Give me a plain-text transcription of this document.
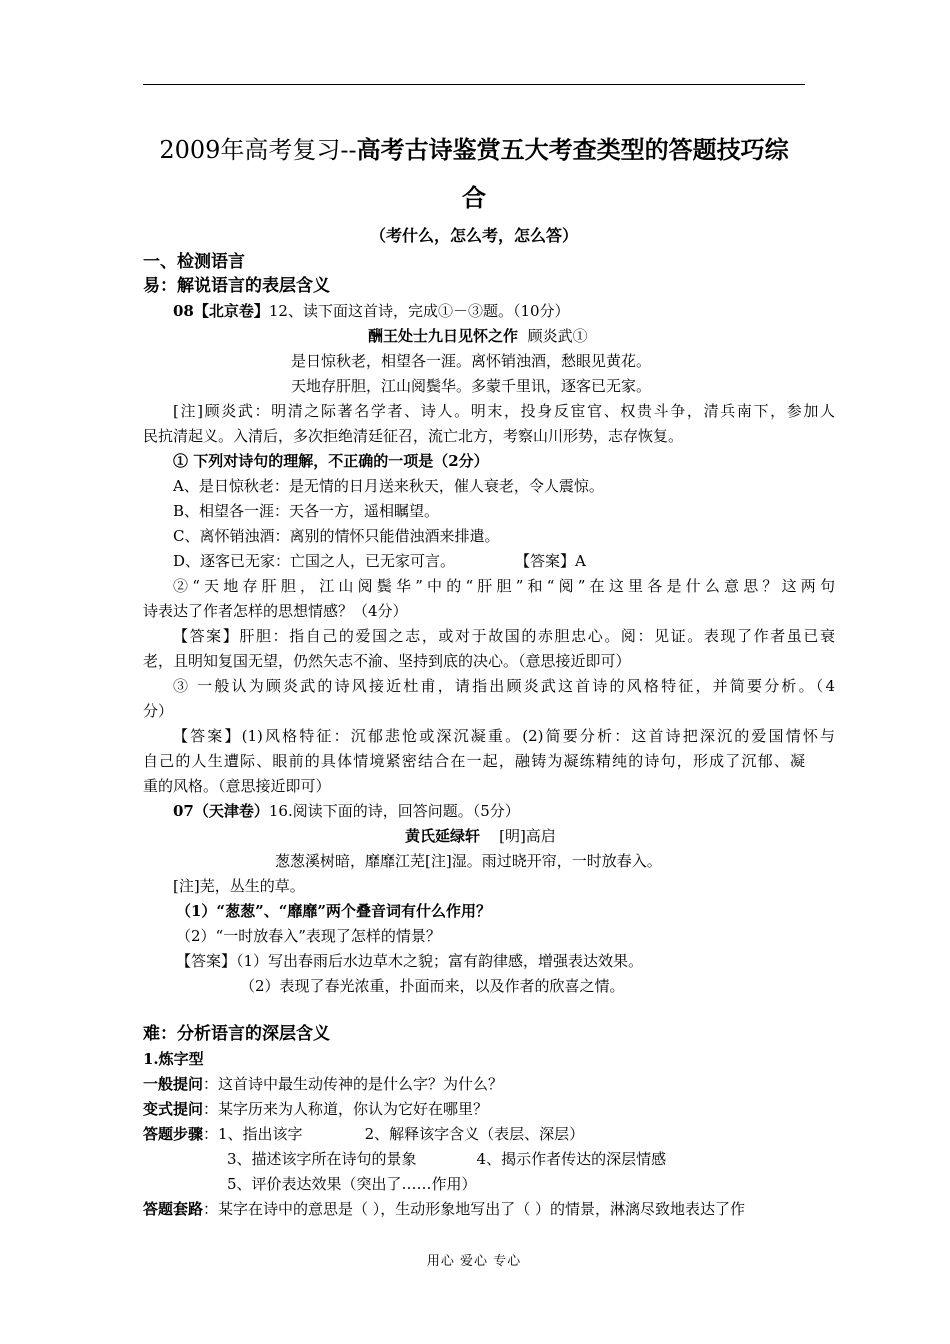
2009年高考复习--高考古诗鉴赏五大考查类型的答题技巧综
合
（考什么，怎么考，怎么答）
一、检测语言
易：解说语言的表层含义
08【北京卷】12、读下面这首诗，完成①－③题。（10分）
酬王处士九日见怀之作 顾炎武①
是日惊秋老，相望各一涯。离怀销浊酒，愁眼见黄花。
天地存肝胆，江山阅鬓华。多蒙千里讯，逐客已无家。
[注]顾炎武：明清之际著名学者、诗人。明末，投身反宦官、权贵斗争，清兵南下，参加人
民抗清起义。入清后，多次拒绝清廷征召，流亡北方，考察山川形势，志存恢复。
① 下列对诗句的理解，不正确的一项是（2分）
A、是日惊秋老：是无情的日月送来秋天，催人衰老，令人震惊。
B、相望各一涯：天各一方，遥相瞩望。
C、离怀销浊酒：离别的情怀只能借浊酒来排遣。
D、逐客已无家：亡国之人，已无家可言。	【答案】A
②“天地存肝胆，江山阅鬓华”中的“肝胆”和“阅”在这里各是什么意思？这两句
诗表达了作者怎样的思想情感？（4分）
【答案】肝胆：指自己的爱国之志，或对于故国的赤胆忠心。阅：见证。表现了作者虽已衰
老，且明知复国无望，仍然矢志不渝、坚持到底的决心。（意思接近即可）
③ 一般认为顾炎武的诗风接近杜甫，请指出顾炎武这首诗的风格特征，并简要分析。（4
分）
【答案】(1)风格特征：沉郁悲怆或深沉凝重。(2)简要分析：这首诗把深沉的爱国情怀与
自己的人生遭际、眼前的具体情境紧密结合在一起，融铸为凝练精纯的诗句，形成了沉郁、凝
重的风格。（意思接近即可）
07（天津卷）16.阅读下面的诗，回答问题。（5分）
黄氏延绿轩 [明]高启
葱葱溪树暗，靡靡江芜[注]湿。雨过晓开帘，一时放春入。
[注]芜，丛生的草。
（1）“葱葱”、“靡靡”两个叠音词有什么作用？
（2）“一时放春入”表现了怎样的情景？
【答案】（1）写出春雨后水边草木之貌；富有韵律感，增强表达效果。
（2）表现了春光浓重，扑面而来，以及作者的欣喜之情。
难：分析语言的深层含义
1.炼字型
一般提问：这首诗中最生动传神的是什么字？为什么？
变式提问：某字历来为人称道，你认为它好在哪里？
答题步骤：1、指出该字	2、解释该字含义（表层、深层）
3、描述该字所在诗句的景象	4、揭示作者传达的深层情感
5、评价表达效果（突出了……作用）
答题套路：某字在诗中的意思是（ ），生动形象地写出了（ ）的情景，淋漓尽致地表达了作
用心 爱心 专心
